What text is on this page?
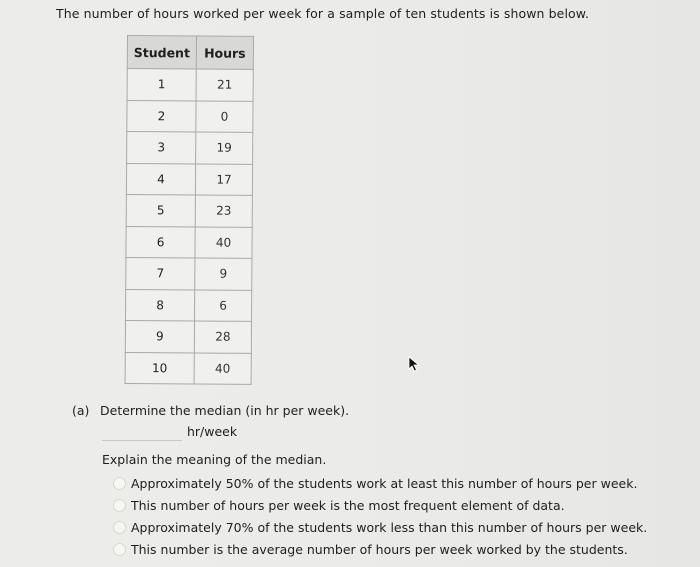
The number of hours worked per week for a sample of ten students is shown below.
Student	Hours
1	21
2	0
3	19
4	17
5	23
6	40
7	9
8	6
9	28
10	40
(a) Determine the median (in hr per week).
hr/week
Explain the meaning of the median.
Approximately 50% of the students work at least this number of hours per week.
This number of hours per week is the most frequent element of data.
Approximately 70% of the students work less than this number of hours per week.
This number is the average number of hours per week worked by the students.
